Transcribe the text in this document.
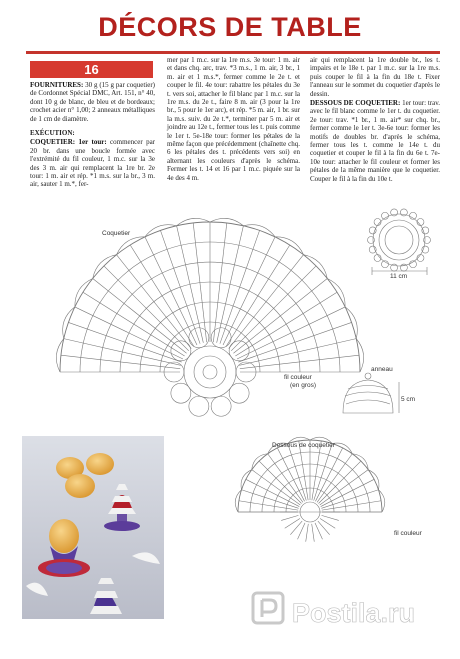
DÉCORS DE TABLE
16

FOURNITURES: 30 g (15 g par coquetier) de Cordonnet Spécial DMC, Art. 151, n° 40, dont 10 g de blanc, de bleu et de bordeaux; crochet acier n° 1,00; 2 anneaux métalliques de 1 cm de diamètre.

EXÉCUTION:

COQUETIER: 1er tour: commencer par 20 br. dans une boucle formée avec l'extrémité du fil couleur, 1 m.c. sur la 3e des 3 m. air qui remplacent la 1re br. 2e tour: 1 m. air et rép. *1 m.s. sur la br., 3 m. air, sauter 1 m.*, fer-

mer par 1 m.c. sur la 1re m.s. 3e tour: 1 m. air et dans chq. arc, trav. *3 m.s., 1 m. air, 3 br., 1 m. air et 1 m.s.*, fermer comme le 2e t. et couper le fil. 4e tour: rabattre les pétales du 3e t. vers soi, attacher le fil blanc par 1 m.c. sur la 1re m.s. du 2e t., faire 8 m. air (3 pour la 1re br., 5 pour le 1er arc), et rép. *5 m. air, 1 br. sur la m.s. suiv. du 2e t.*, terminer par 5 m. air et joindre au 12e t., fermer tous les t. puis comme le 1er t. 5e-18e tour: former les pétales de la même façon que précédemment (chaînette chq. 6 les pétales des t. précédents vers soi) en alternant les couleurs d'après le schéma. Fermer les t. 14 et 16 par 1 m.c. piquée sur la 4e des 4 m.

air qui remplacent la 1re double br., les t. impairs et le 18e t. par 1 m.c. sur la 1re m.s. puis couper le fil à la fin du 18e t. Fixer l'anneau sur le sommet du coquetier d'après le dessin.

DESSOUS DE COQUETIER: 1er tour: trav. avec le fil blanc comme le 1er t. du coquetier. 2e tour: trav. *1 br., 1 m. air* sur chq. br., fermer comme le 1er t. 3e-6e tour: former les motifs de doubles br. d'après le schéma, fermer tous les t. comme le 14e t. du coquetier et couper le fil à la fin du 6e t. 7e-10e tour: attacher le fil couleur et former les pétales de la même manière que le coquetier. Couper le fil à la fin du 10e t.

Coquetier
fil couleur
(en gros)
11 cm
anneau
5 cm
Dessous de coquetier
fil couleur
Postila.ru
